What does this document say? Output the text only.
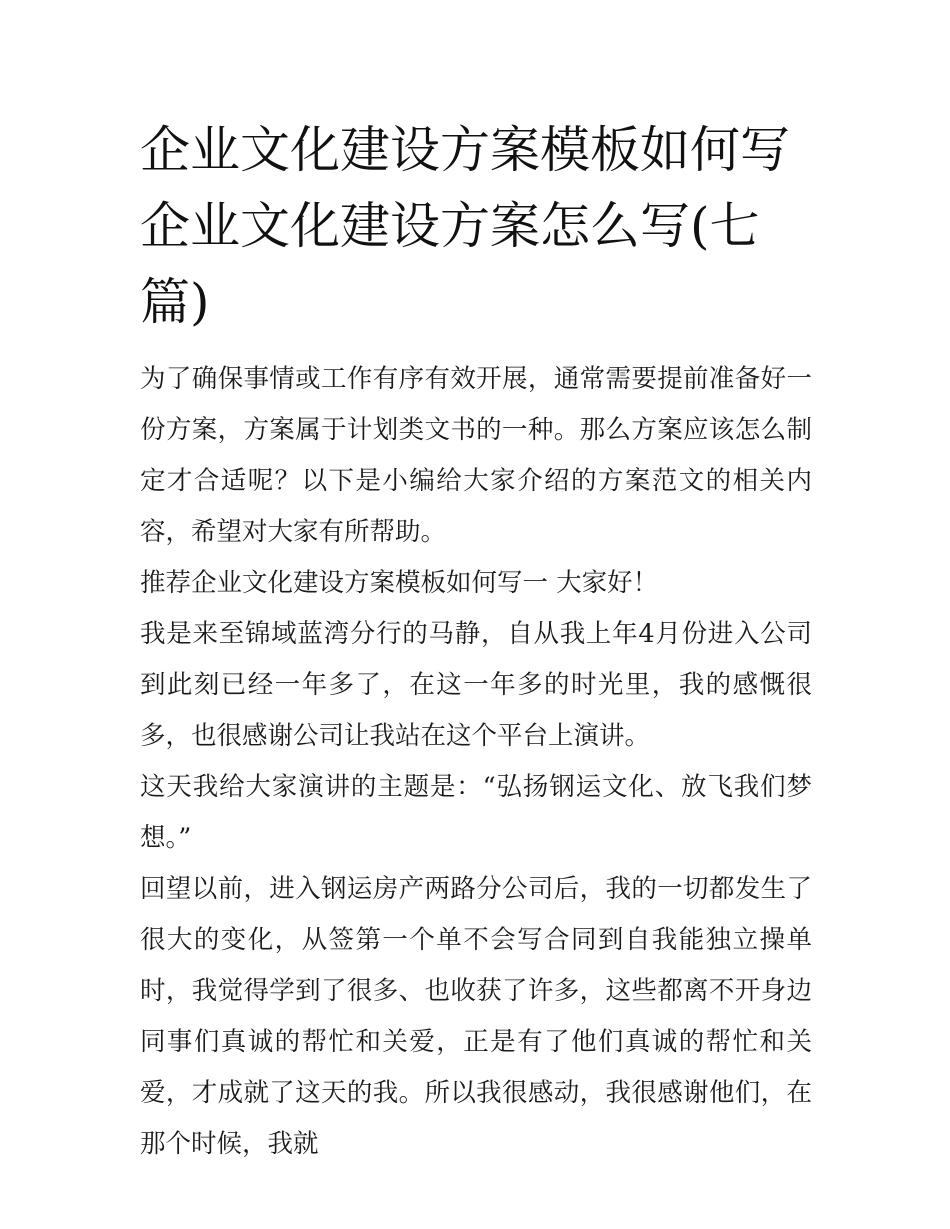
企业文化建设方案模板如何写企业文化建设方案怎么写(七篇)

为了确保事情或工作有序有效开展，通常需要提前准备好一份方案，方案属于计划类文书的一种。那么方案应该怎么制定才合适呢？以下是小编给大家介绍的方案范文的相关内容，希望对大家有所帮助。

推荐企业文化建设方案模板如何写一 大家好！

我是来至锦域蓝湾分行的马静，自从我上年4月份进入公司到此刻已经一年多了，在这一年多的时光里，我的感慨很多，也很感谢公司让我站在这个平台上演讲。

这天我给大家演讲的主题是：“弘扬钢运文化、放飞我们梦想。”

回望以前，进入钢运房产两路分公司后，我的一切都发生了很大的变化，从签第一个单不会写合同到自我能独立操单时，我觉得学到了很多、也收获了许多，这些都离不开身边同事们真诚的帮忙和关爱，正是有了他们真诚的帮忙和关爱，才成就了这天的我。所以我很感动，我很感谢他们，在那个时候，我就
